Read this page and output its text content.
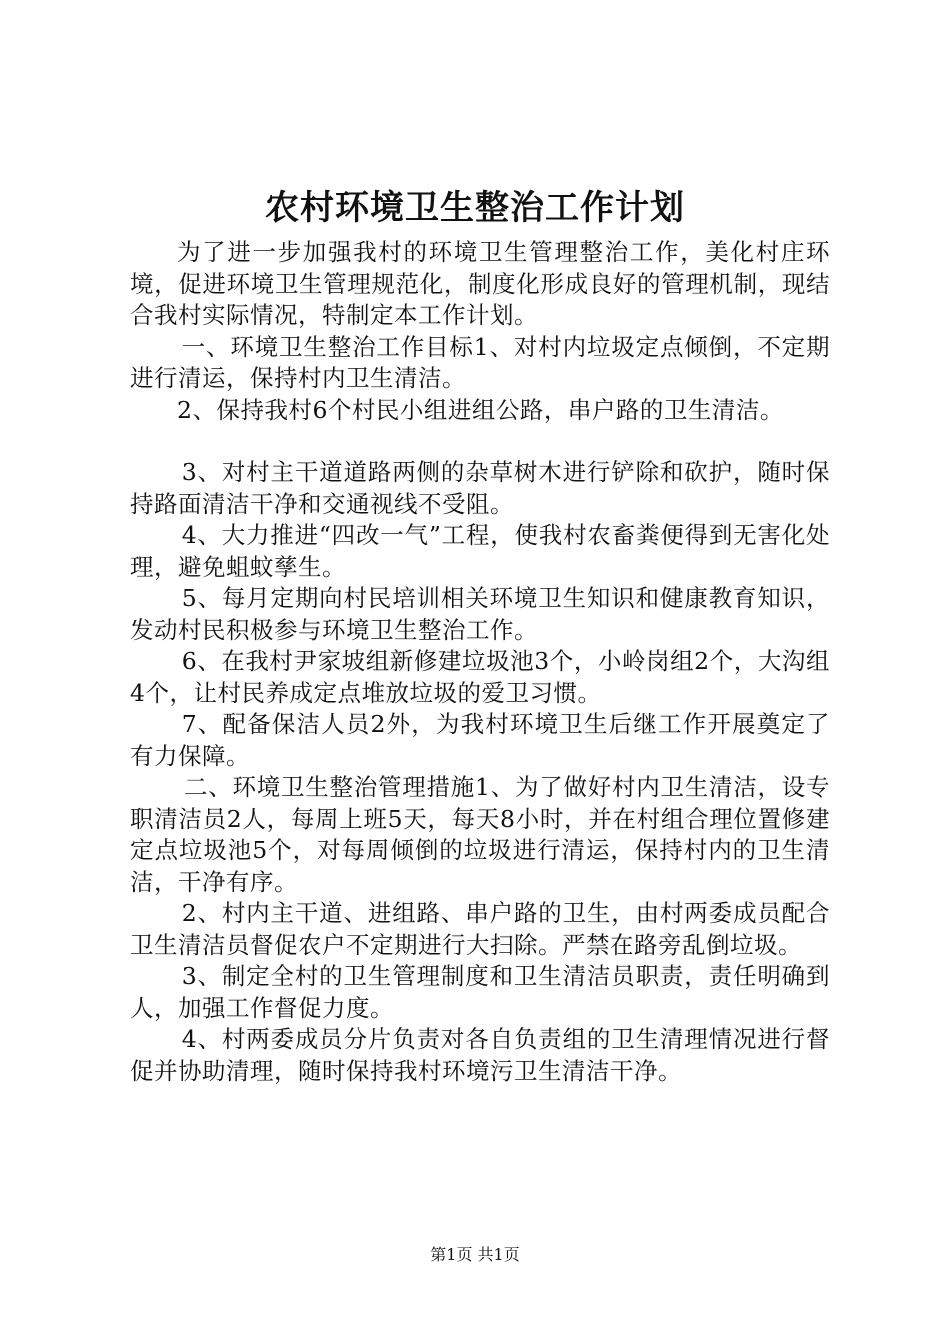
农村环境卫生整治工作计划

为了进一步加强我村的环境卫生管理整治工作，美化村庄环境，促进环境卫生管理规范化，制度化形成良好的管理机制，现结合我村实际情况，特制定本工作计划。

一、环境卫生整治工作目标1、对村内垃圾定点倾倒，不定期进行清运，保持村内卫生清洁。

2、保持我村6个村民小组进组公路，串户路的卫生清洁。

3、对村主干道道路两侧的杂草树木进行铲除和砍护，随时保持路面清洁干净和交通视线不受阻。

4、大力推进“四改一气”工程，使我村农畜粪便得到无害化处理，避免蛆蚊孳生。

5、每月定期向村民培训相关环境卫生知识和健康教育知识，发动村民积极参与环境卫生整治工作。

6、在我村尹家坡组新修建垃圾池3个，小岭岗组2个，大沟组4个，让村民养成定点堆放垃圾的爱卫习惯。

7、配备保洁人员2外，为我村环境卫生后继工作开展奠定了有力保障。

二、环境卫生整治管理措施1、为了做好村内卫生清洁，设专职清洁员2人，每周上班5天，每天8小时，并在村组合理位置修建定点垃圾池5个，对每周倾倒的垃圾进行清运，保持村内的卫生清洁，干净有序。

2、村内主干道、进组路、串户路的卫生，由村两委成员配合卫生清洁员督促农户不定期进行大扫除。严禁在路旁乱倒垃圾。

3、制定全村的卫生管理制度和卫生清洁员职责，责任明确到人，加强工作督促力度。

4、村两委成员分片负责对各自负责组的卫生清理情况进行督促并协助清理，随时保持我村环境污卫生清洁干净。

第1页 共1页
